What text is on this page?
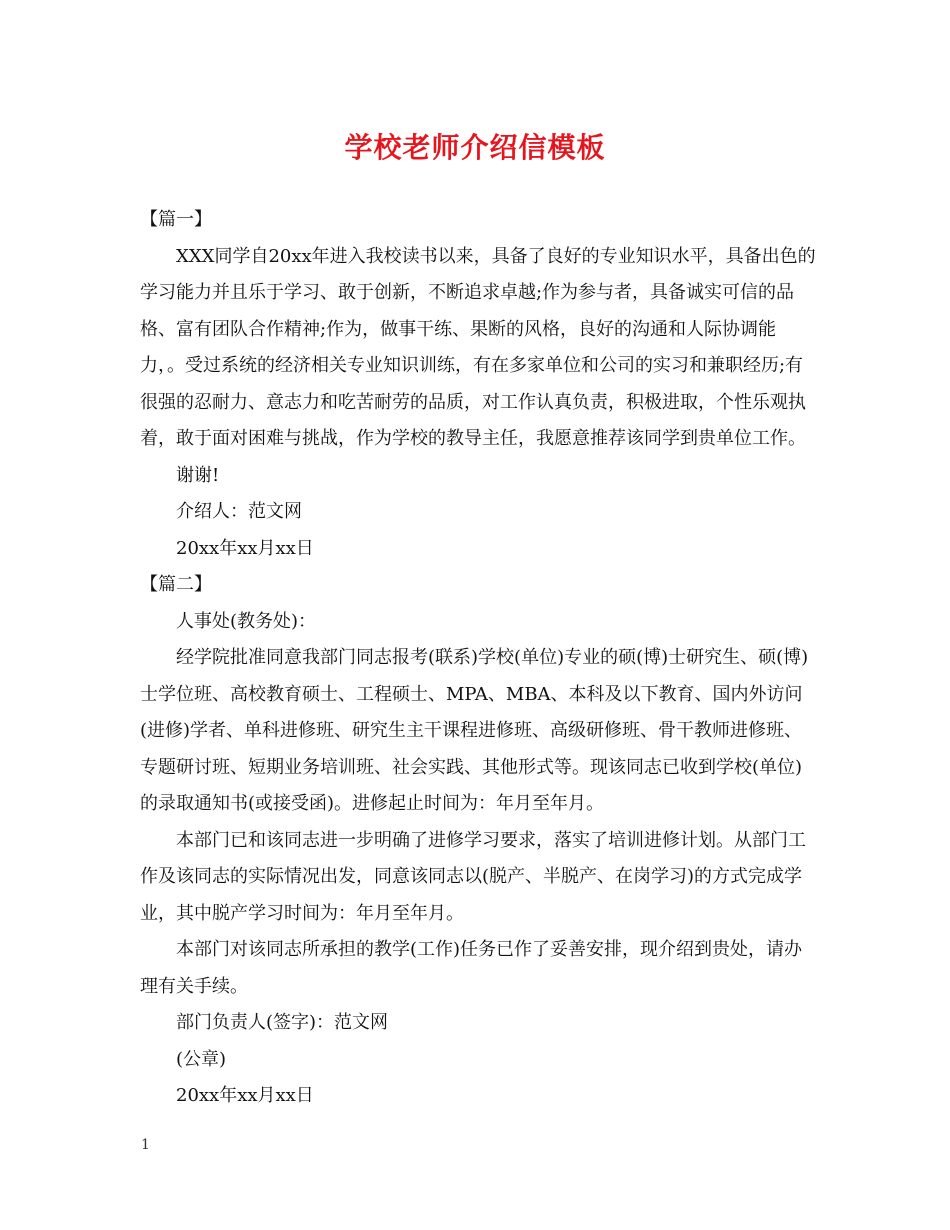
学校老师介绍信模板

【篇一】

XXX同学自20xx年进入我校读书以来，具备了良好的专业知识水平，具备出色的学习能力并且乐于学习、敢于创新，不断追求卓越;作为参与者，具备诚实可信的品格、富有团队合作精神;作为，做事干练、果断的风格，良好的沟通和人际协调能力，。受过系统的经济相关专业知识训练，有在多家单位和公司的实习和兼职经历;有很强的忍耐力、意志力和吃苦耐劳的品质，对工作认真负责，积极进取，个性乐观执着，敢于面对困难与挑战，作为学校的教导主任，我愿意推荐该同学到贵单位工作。

谢谢!

介绍人：范文网

20xx年xx月xx日

【篇二】

人事处(教务处)：

经学院批准同意我部门同志报考(联系)学校(单位)专业的硕(博)士研究生、硕(博)士学位班、高校教育硕士、工程硕士、MPA、MBA、本科及以下教育、国内外访问(进修)学者、单科进修班、研究生主干课程进修班、高级研修班、骨干教师进修班、专题研讨班、短期业务培训班、社会实践、其他形式等。现该同志已收到学校(单位)的录取通知书(或接受函)。进修起止时间为：年月至年月。

本部门已和该同志进一步明确了进修学习要求，落实了培训进修计划。从部门工作及该同志的实际情况出发，同意该同志以(脱产、半脱产、在岗学习)的方式完成学业，其中脱产学习时间为：年月至年月。

本部门对该同志所承担的教学(工作)任务已作了妥善安排，现介绍到贵处，请办理有关手续。

部门负责人(签字)：范文网

(公章)

20xx年xx月xx日

1
